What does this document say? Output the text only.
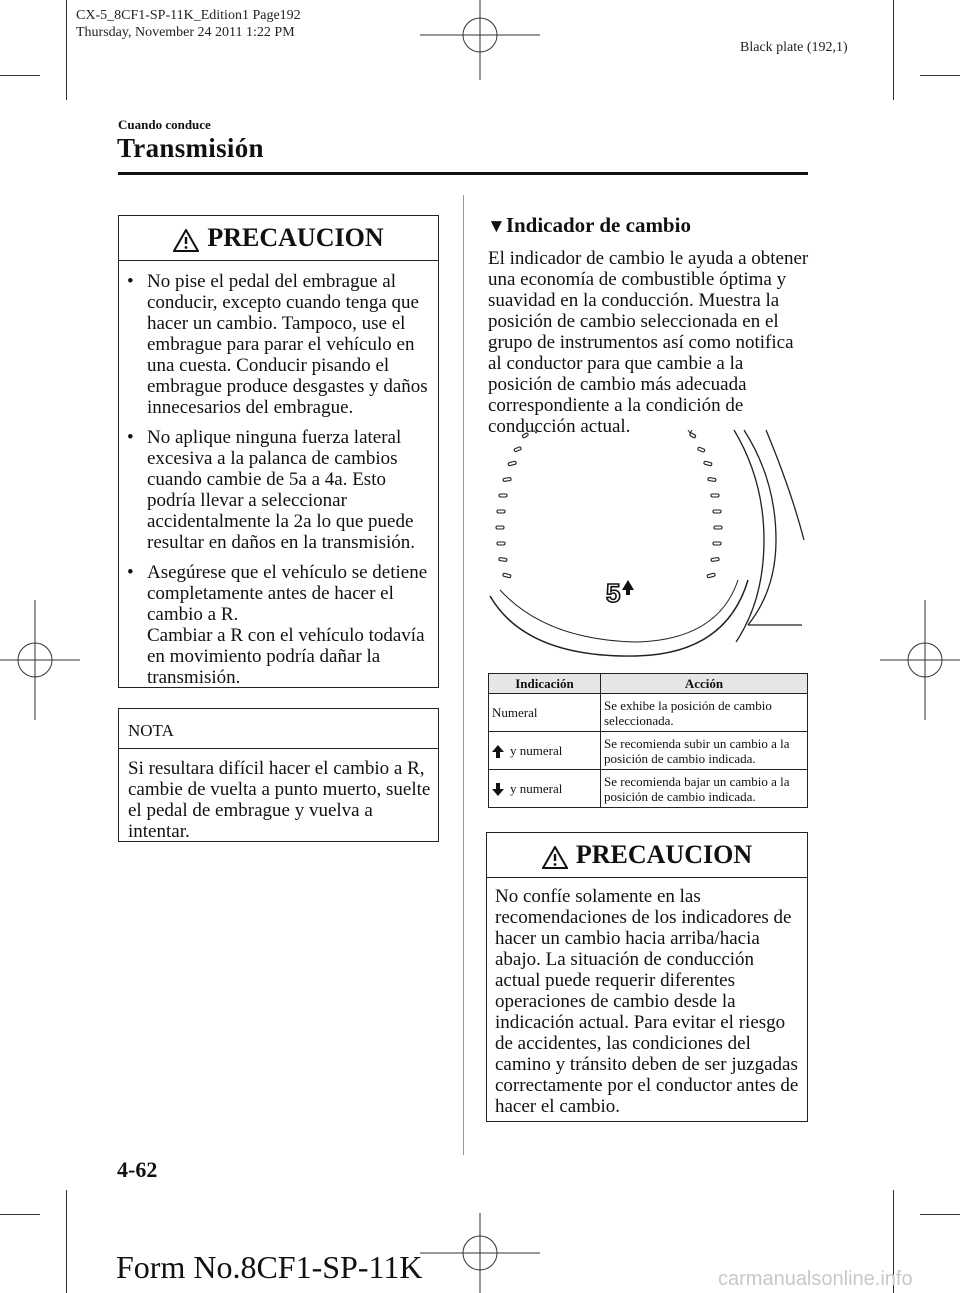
CX-5_8CF1-SP-11K_Edition1 Page192
Thursday, November 24 2011 1:22 PM
Black plate (192,1)
Cuando conduce
Transmisión
PRECAUCION
• No pise el pedal del embrague al conducir, excepto cuando tenga que hacer un cambio. Tampoco, use el embrague para parar el vehículo en una cuesta. Conducir pisando el embrague produce desgastes y daños innecesarios del embrague.
• No aplique ninguna fuerza lateral excesiva a la palanca de cambios cuando cambie de 5a a 4a. Esto podría llevar a seleccionar accidentalmente la 2a lo que puede resultar en daños en la transmisión.
• Asegúrese que el vehículo se detiene completamente antes de hacer el cambio a R.
Cambiar a R con el vehículo todavía en movimiento podría dañar la transmisión.
NOTA
Si resultara difícil hacer el cambio a R, cambie de vuelta a punto muerto, suelte el pedal de embrague y vuelva a intentar.
▼Indicador de cambio
El indicador de cambio le ayuda a obtener una economía de combustible óptima y suavidad en la conducción. Muestra la posición de cambio seleccionada en el grupo de instrumentos así como notifica al conductor para que cambie a la posición de cambio más adecuada correspondiente a la condición de conducción actual.
5
Indicación	Acción
Numeral	Se exhibe la posición de cambio seleccionada.
y numeral	Se recomienda subir un cambio a la posición de cambio indicada.
y numeral	Se recomienda bajar un cambio a la posición de cambio indicada.
PRECAUCION
No confíe solamente en las recomendaciones de los indicadores de hacer un cambio hacia arriba/hacia abajo. La situación de conducción actual puede requerir diferentes operaciones de cambio desde la indicación actual. Para evitar el riesgo de accidentes, las condiciones del camino y tránsito deben de ser juzgadas correctamente por el conductor antes de hacer el cambio.
4-62
Form No.8CF1-SP-11K	carmanualsonline.info
